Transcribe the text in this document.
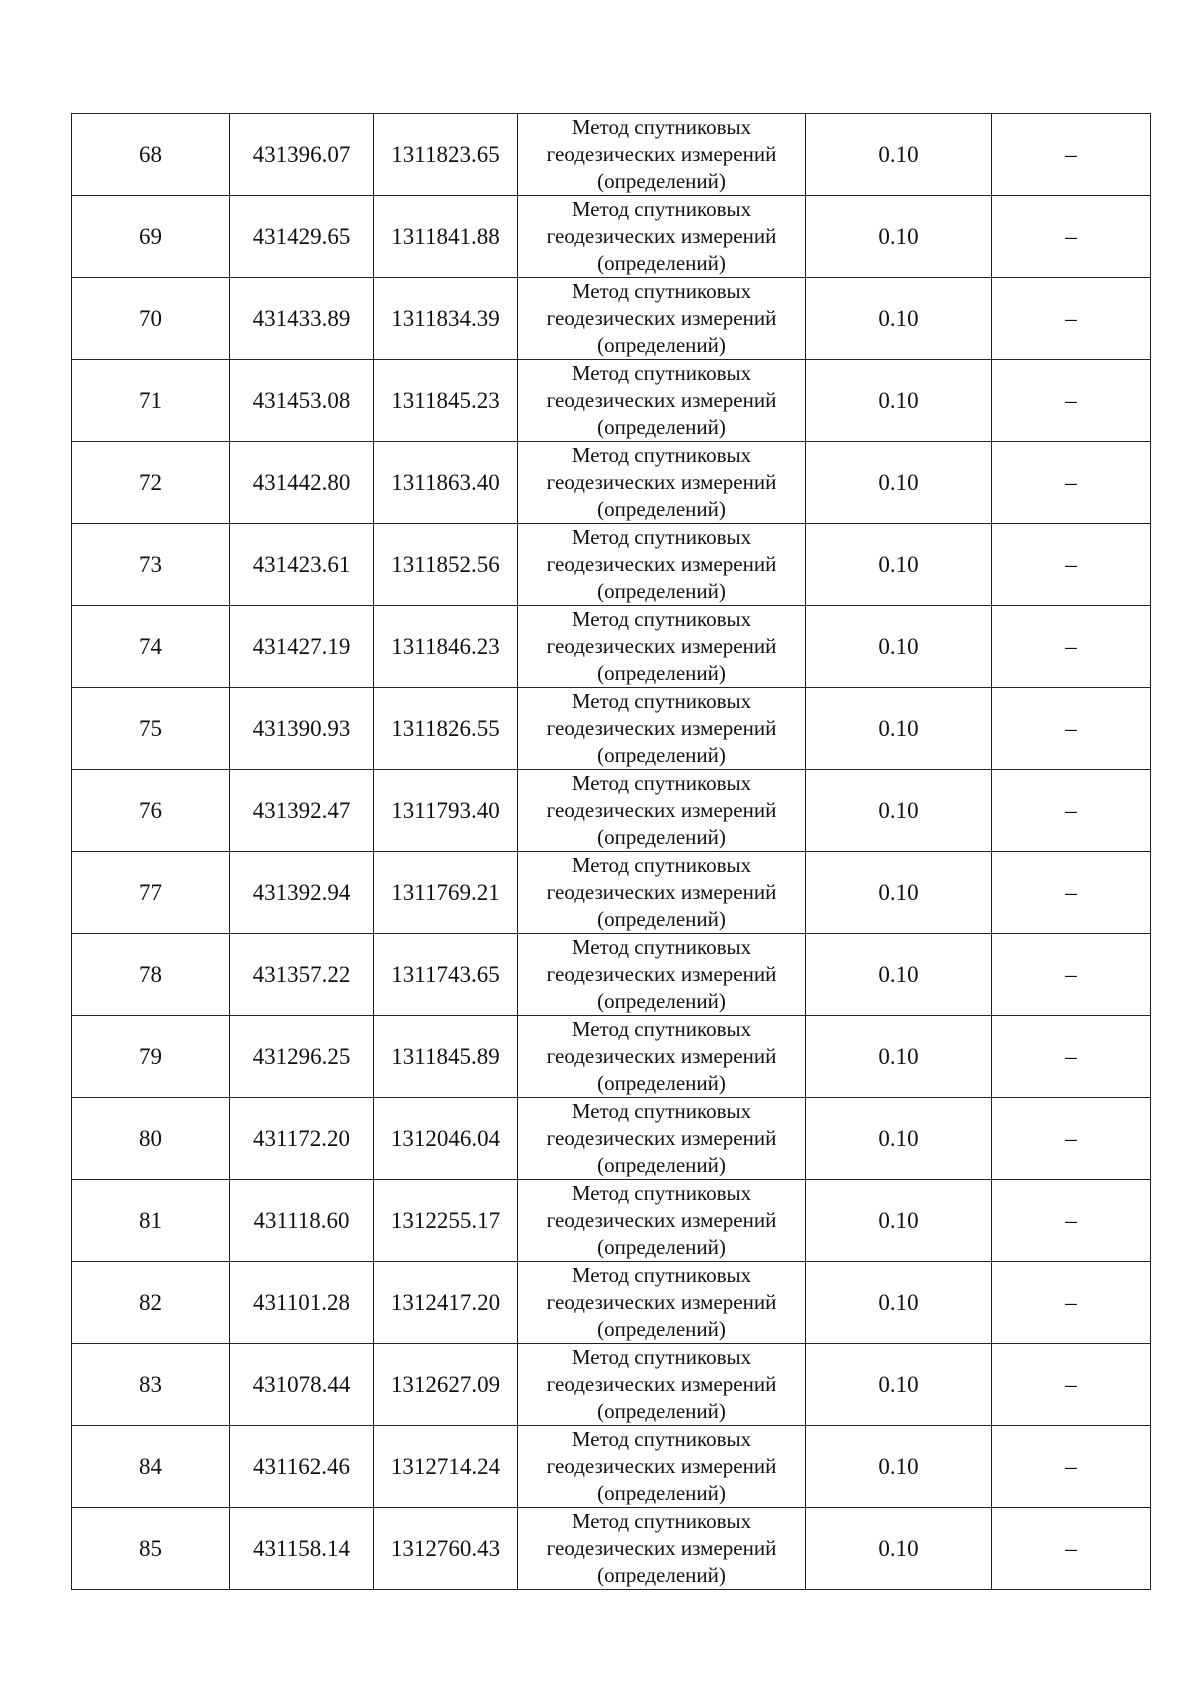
68	431396.07	1311823.65	Метод спутниковых
геодезических измерений
(определений)	0.10	–
69	431429.65	1311841.88	Метод спутниковых
геодезических измерений
(определений)	0.10	–
70	431433.89	1311834.39	Метод спутниковых
геодезических измерений
(определений)	0.10	–
71	431453.08	1311845.23	Метод спутниковых
геодезических измерений
(определений)	0.10	–
72	431442.80	1311863.40	Метод спутниковых
геодезических измерений
(определений)	0.10	–
73	431423.61	1311852.56	Метод спутниковых
геодезических измерений
(определений)	0.10	–
74	431427.19	1311846.23	Метод спутниковых
геодезических измерений
(определений)	0.10	–
75	431390.93	1311826.55	Метод спутниковых
геодезических измерений
(определений)	0.10	–
76	431392.47	1311793.40	Метод спутниковых
геодезических измерений
(определений)	0.10	–
77	431392.94	1311769.21	Метод спутниковых
геодезических измерений
(определений)	0.10	–
78	431357.22	1311743.65	Метод спутниковых
геодезических измерений
(определений)	0.10	–
79	431296.25	1311845.89	Метод спутниковых
геодезических измерений
(определений)	0.10	–
80	431172.20	1312046.04	Метод спутниковых
геодезических измерений
(определений)	0.10	–
81	431118.60	1312255.17	Метод спутниковых
геодезических измерений
(определений)	0.10	–
82	431101.28	1312417.20	Метод спутниковых
геодезических измерений
(определений)	0.10	–
83	431078.44	1312627.09	Метод спутниковых
геодезических измерений
(определений)	0.10	–
84	431162.46	1312714.24	Метод спутниковых
геодезических измерений
(определений)	0.10	–
85	431158.14	1312760.43	Метод спутниковых
геодезических измерений
(определений)	0.10	–
